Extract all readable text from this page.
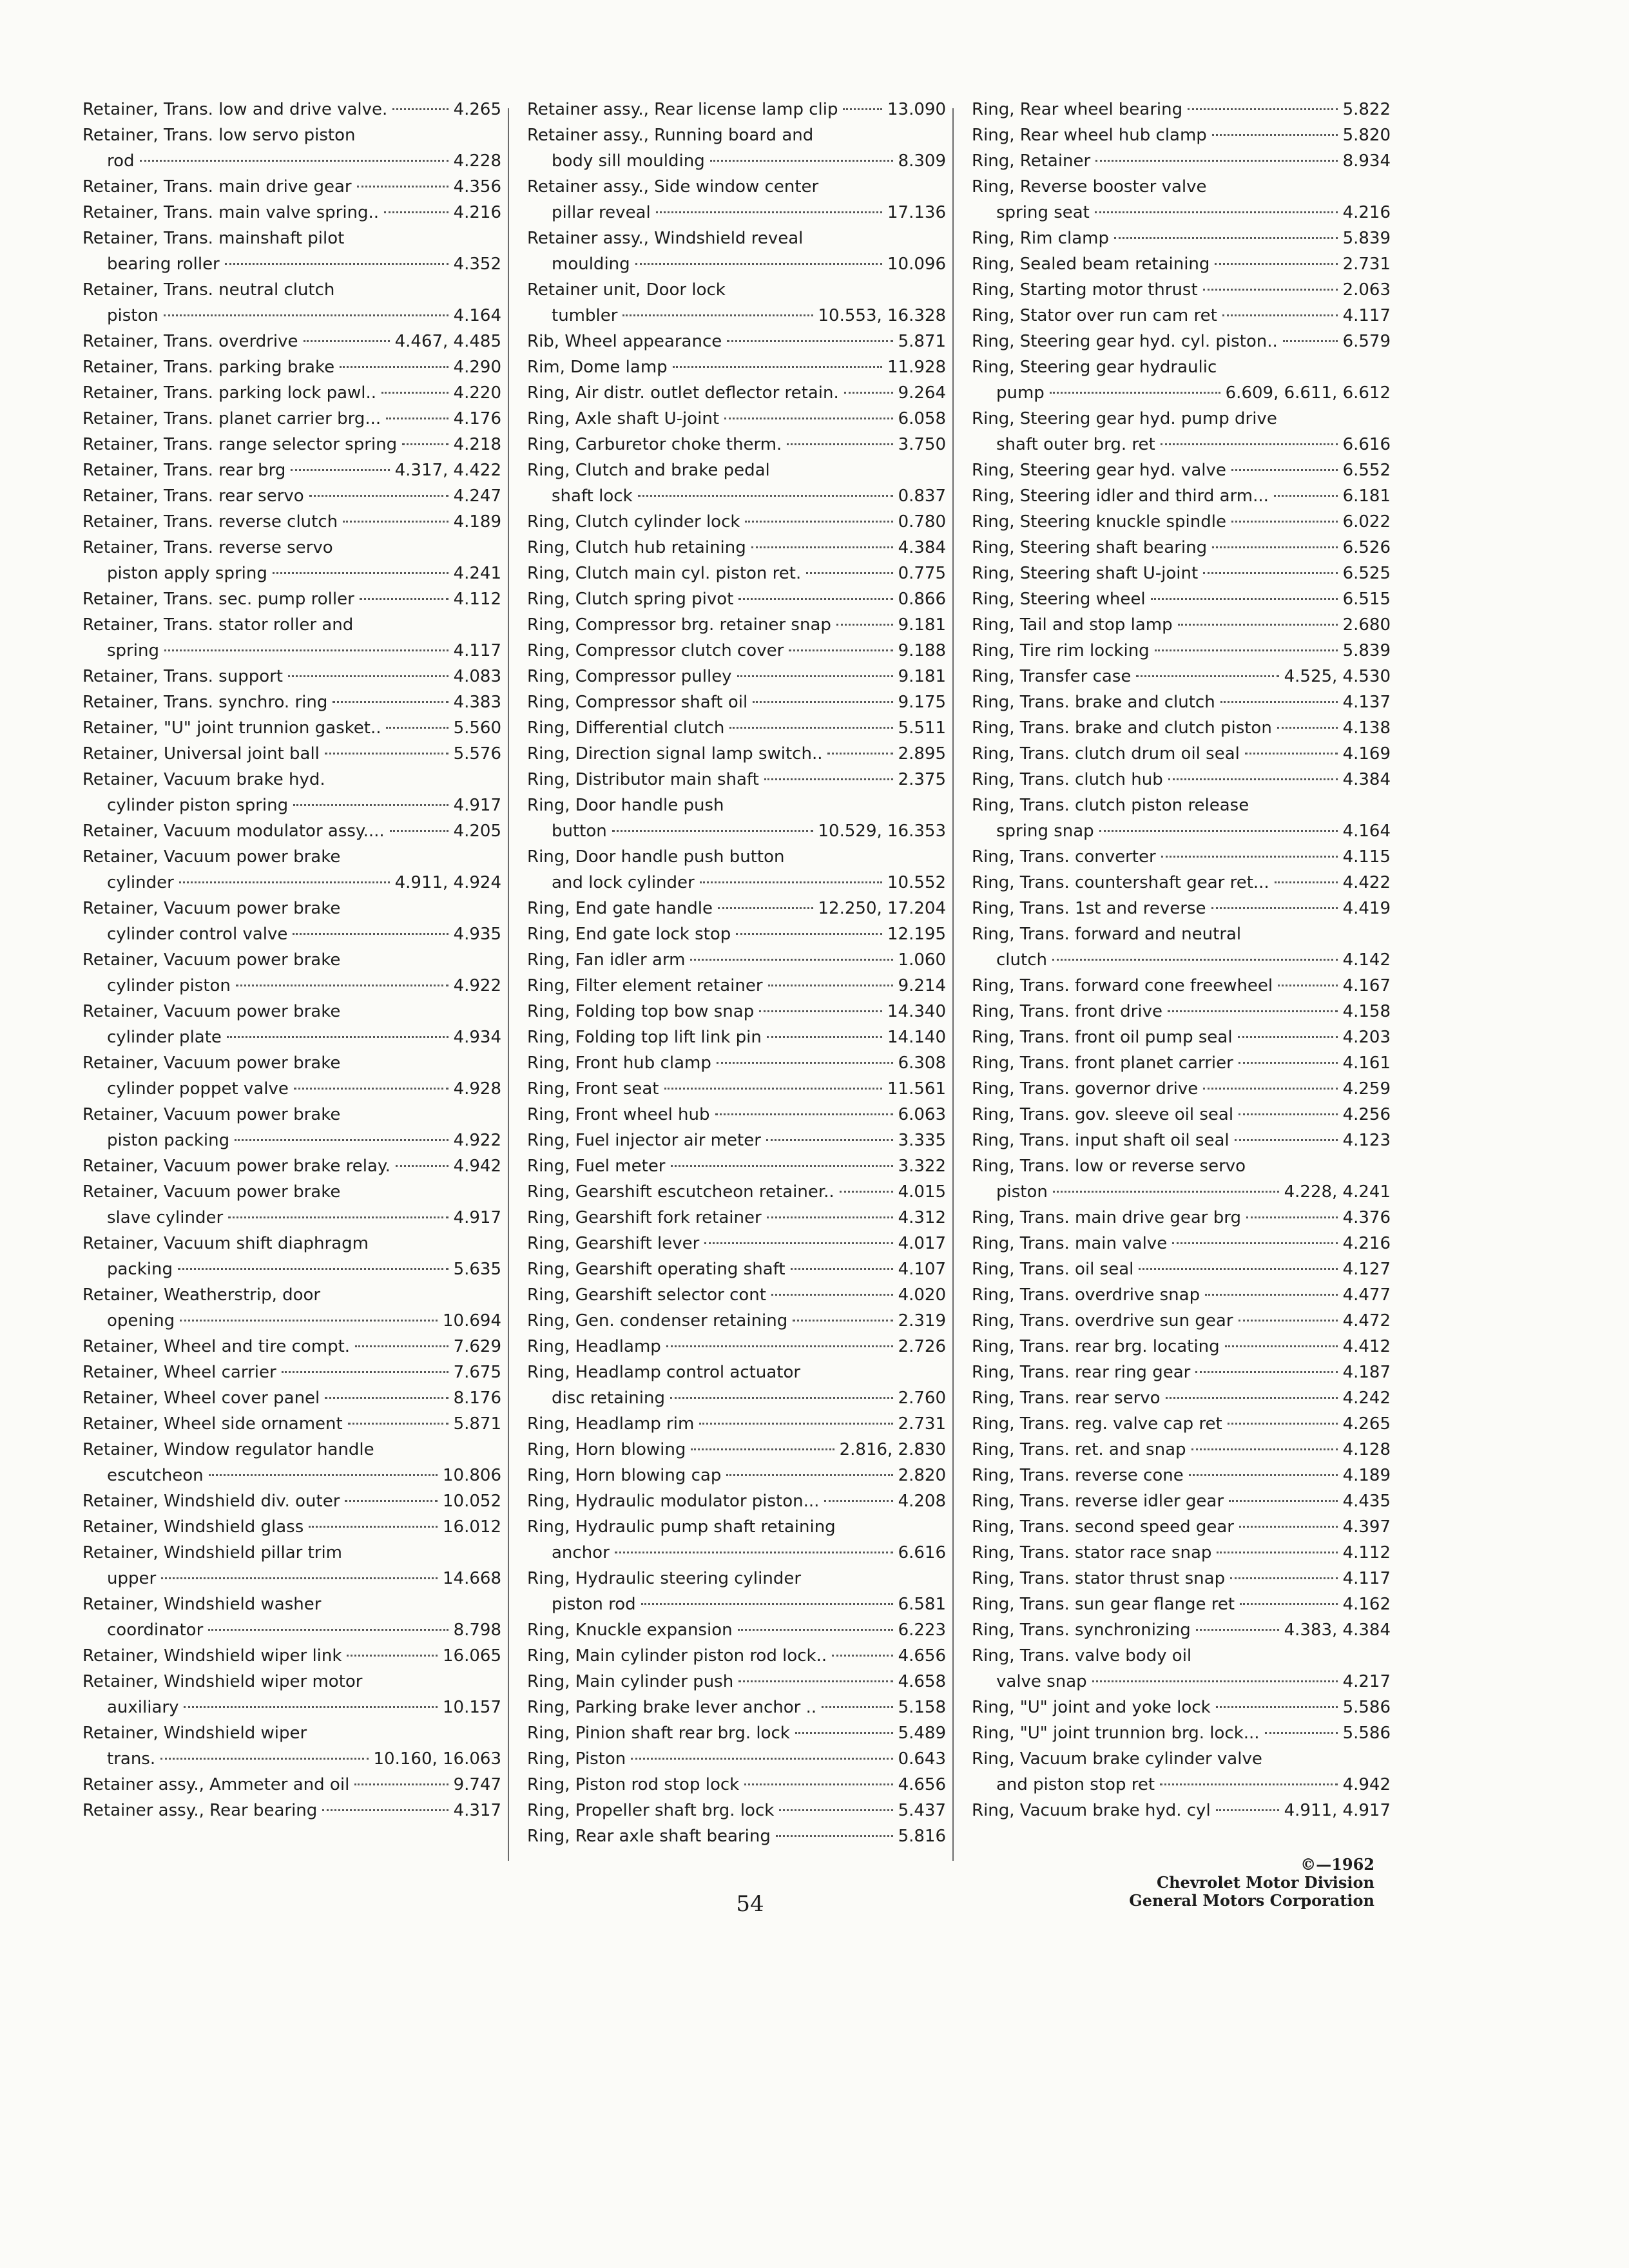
Retainer, Trans. low and drive valve.	4.265
Retainer, Trans. low servo piston
rod	4.228
Retainer, Trans. main drive gear	4.356
Retainer, Trans. main valve spring..	4.216
Retainer, Trans. mainshaft pilot
bearing roller	4.352
Retainer, Trans. neutral clutch
piston	4.164
Retainer, Trans. overdrive	4.467, 4.485
Retainer, Trans. parking brake	4.290
Retainer, Trans. parking lock pawl..	4.220
Retainer, Trans. planet carrier brg...	4.176
Retainer, Trans. range selector spring	4.218
Retainer, Trans. rear brg	4.317, 4.422
Retainer, Trans. rear servo	4.247
Retainer, Trans. reverse clutch	4.189
Retainer, Trans. reverse servo
piston apply spring	4.241
Retainer, Trans. sec. pump roller	4.112
Retainer, Trans. stator roller and
spring	4.117
Retainer, Trans. support	4.083
Retainer, Trans. synchro. ring	4.383
Retainer, "U" joint trunnion gasket..	5.560
Retainer, Universal joint ball	5.576
Retainer, Vacuum brake hyd.
cylinder piston spring	4.917
Retainer, Vacuum modulator assy....	4.205
Retainer, Vacuum power brake
cylinder	4.911, 4.924
Retainer, Vacuum power brake
cylinder control valve	4.935
Retainer, Vacuum power brake
cylinder piston	4.922
Retainer, Vacuum power brake
cylinder plate	4.934
Retainer, Vacuum power brake
cylinder poppet valve	4.928
Retainer, Vacuum power brake
piston packing	4.922
Retainer, Vacuum power brake relay.	4.942
Retainer, Vacuum power brake
slave cylinder	4.917
Retainer, Vacuum shift diaphragm
packing	5.635
Retainer, Weatherstrip, door
opening	10.694
Retainer, Wheel and tire compt.	7.629
Retainer, Wheel carrier	7.675
Retainer, Wheel cover panel	8.176
Retainer, Wheel side ornament	5.871
Retainer, Window regulator handle
escutcheon	10.806
Retainer, Windshield div. outer	10.052
Retainer, Windshield glass	16.012
Retainer, Windshield pillar trim
upper	14.668
Retainer, Windshield washer
coordinator	8.798
Retainer, Windshield wiper link	16.065
Retainer, Windshield wiper motor
auxiliary	10.157
Retainer, Windshield wiper
trans.	10.160, 16.063
Retainer assy., Ammeter and oil	9.747
Retainer assy., Rear bearing	4.317
Retainer assy., Rear license lamp clip	13.090
Retainer assy., Running board and
body sill moulding	8.309
Retainer assy., Side window center
pillar reveal	17.136
Retainer assy., Windshield reveal
moulding	10.096
Retainer unit, Door lock
tumbler	10.553, 16.328
Rib, Wheel appearance	5.871
Rim, Dome lamp	11.928
Ring, Air distr. outlet deflector retain.	9.264
Ring, Axle shaft U-joint	6.058
Ring, Carburetor choke therm.	3.750
Ring, Clutch and brake pedal
shaft lock	0.837
Ring, Clutch cylinder lock	0.780
Ring, Clutch hub retaining	4.384
Ring, Clutch main cyl. piston ret.	0.775
Ring, Clutch spring pivot	0.866
Ring, Compressor brg. retainer snap	9.181
Ring, Compressor clutch cover	9.188
Ring, Compressor pulley	9.181
Ring, Compressor shaft oil	9.175
Ring, Differential clutch	5.511
Ring, Direction signal lamp switch..	2.895
Ring, Distributor main shaft	2.375
Ring, Door handle push
button	10.529, 16.353
Ring, Door handle push button
and lock cylinder	10.552
Ring, End gate handle	12.250, 17.204
Ring, End gate lock stop	12.195
Ring, Fan idler arm	1.060
Ring, Filter element retainer	9.214
Ring, Folding top bow snap	14.340
Ring, Folding top lift link pin	14.140
Ring, Front hub clamp	6.308
Ring, Front seat	11.561
Ring, Front wheel hub	6.063
Ring, Fuel injector air meter	3.335
Ring, Fuel meter	3.322
Ring, Gearshift escutcheon retainer..	4.015
Ring, Gearshift fork retainer	4.312
Ring, Gearshift lever	4.017
Ring, Gearshift operating shaft	4.107
Ring, Gearshift selector cont	4.020
Ring, Gen. condenser retaining	2.319
Ring, Headlamp	2.726
Ring, Headlamp control actuator
disc retaining	2.760
Ring, Headlamp rim	2.731
Ring, Horn blowing	2.816, 2.830
Ring, Horn blowing cap	2.820
Ring, Hydraulic modulator piston...	4.208
Ring, Hydraulic pump shaft retaining
anchor	6.616
Ring, Hydraulic steering cylinder
piston rod	6.581
Ring, Knuckle expansion	6.223
Ring, Main cylinder piston rod lock..	4.656
Ring, Main cylinder push	4.658
Ring, Parking brake lever anchor ..	5.158
Ring, Pinion shaft rear brg. lock	5.489
Ring, Piston	0.643
Ring, Piston rod stop lock	4.656
Ring, Propeller shaft brg. lock	5.437
Ring, Rear axle shaft bearing	5.816
Ring, Rear wheel bearing	5.822
Ring, Rear wheel hub clamp	5.820
Ring, Retainer	8.934
Ring, Reverse booster valve
spring seat	4.216
Ring, Rim clamp	5.839
Ring, Sealed beam retaining	2.731
Ring, Starting motor thrust	2.063
Ring, Stator over run cam ret	4.117
Ring, Steering gear hyd. cyl. piston..	6.579
Ring, Steering gear hydraulic
pump	6.609, 6.611, 6.612
Ring, Steering gear hyd. pump drive
shaft outer brg. ret	6.616
Ring, Steering gear hyd. valve	6.552
Ring, Steering idler and third arm...	6.181
Ring, Steering knuckle spindle	6.022
Ring, Steering shaft bearing	6.526
Ring, Steering shaft U-joint	6.525
Ring, Steering wheel	6.515
Ring, Tail and stop lamp	2.680
Ring, Tire rim locking	5.839
Ring, Transfer case	4.525, 4.530
Ring, Trans. brake and clutch	4.137
Ring, Trans. brake and clutch piston	4.138
Ring, Trans. clutch drum oil seal	4.169
Ring, Trans. clutch hub	4.384
Ring, Trans. clutch piston release
spring snap	4.164
Ring, Trans. converter	4.115
Ring, Trans. countershaft gear ret...	4.422
Ring, Trans. 1st and reverse	4.419
Ring, Trans. forward and neutral
clutch	4.142
Ring, Trans. forward cone freewheel	4.167
Ring, Trans. front drive	4.158
Ring, Trans. front oil pump seal	4.203
Ring, Trans. front planet carrier	4.161
Ring, Trans. governor drive	4.259
Ring, Trans. gov. sleeve oil seal	4.256
Ring, Trans. input shaft oil seal	4.123
Ring, Trans. low or reverse servo
piston	4.228, 4.241
Ring, Trans. main drive gear brg	4.376
Ring, Trans. main valve	4.216
Ring, Trans. oil seal	4.127
Ring, Trans. overdrive snap	4.477
Ring, Trans. overdrive sun gear	4.472
Ring, Trans. rear brg. locating	4.412
Ring, Trans. rear ring gear	4.187
Ring, Trans. rear servo	4.242
Ring, Trans. reg. valve cap ret	4.265
Ring, Trans. ret. and snap	4.128
Ring, Trans. reverse cone	4.189
Ring, Trans. reverse idler gear	4.435
Ring, Trans. second speed gear	4.397
Ring, Trans. stator race snap	4.112
Ring, Trans. stator thrust snap	4.117
Ring, Trans. sun gear flange ret	4.162
Ring, Trans. synchronizing	4.383, 4.384
Ring, Trans. valve body oil
valve snap	4.217
Ring, "U" joint and yoke lock	5.586
Ring, "U" joint trunnion brg. lock...	5.586
Ring, Vacuum brake cylinder valve
and piston stop ret	4.942
Ring, Vacuum brake hyd. cyl	4.911, 4.917
©—1962
Chevrolet Motor Division
General Motors Corporation
54
